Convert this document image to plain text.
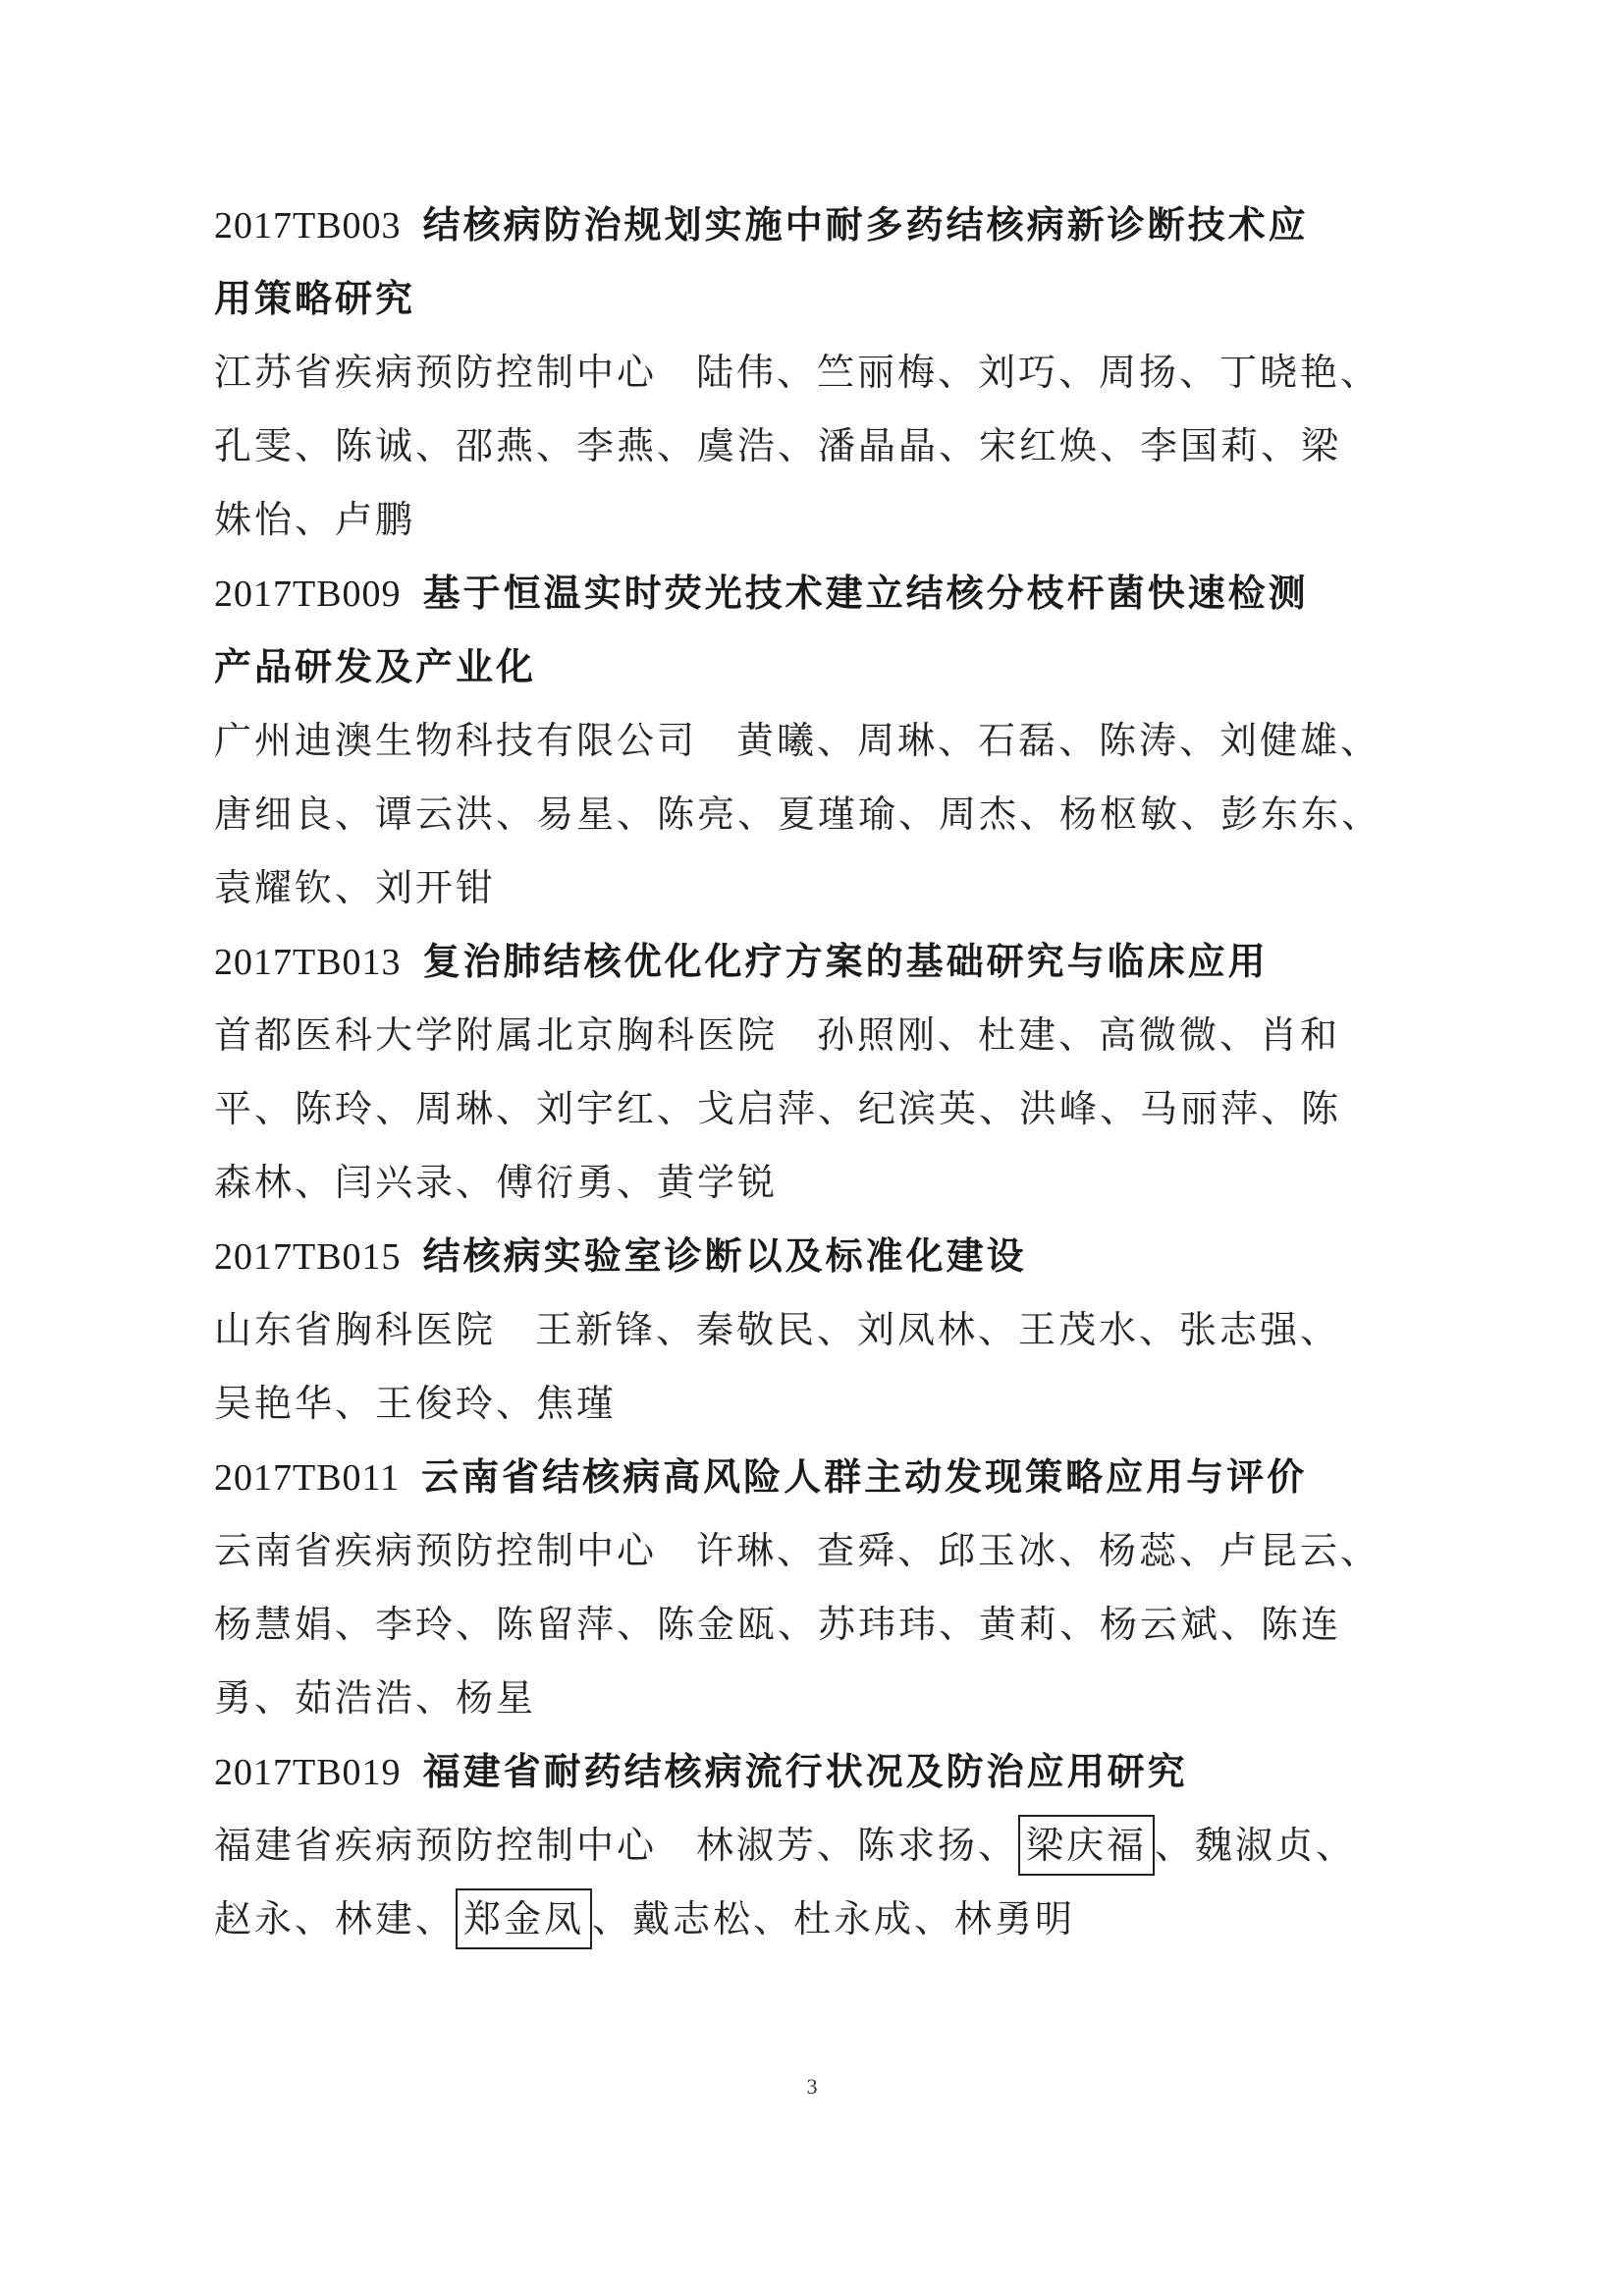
2017TB003 结核病防治规划实施中耐多药结核病新诊断技术应
用策略研究
江苏省疾病预防控制中心 陆伟、竺丽梅、刘巧、周扬、丁晓艳、
孔雯、陈诚、邵燕、李燕、虞浩、潘晶晶、宋红焕、李国莉、梁
姝怡、卢鹏
2017TB009 基于恒温实时荧光技术建立结核分枝杆菌快速检测
产品研发及产业化
广州迪澳生物科技有限公司 黄曦、周琳、石磊、陈涛、刘健雄、
唐细良、谭云洪、易星、陈亮、夏瑾瑜、周杰、杨枢敏、彭东东、
袁耀钦、刘开钳
2017TB013 复治肺结核优化化疗方案的基础研究与临床应用
首都医科大学附属北京胸科医院 孙照刚、杜建、高微微、肖和
平、陈玲、周琳、刘宇红、戈启萍、纪滨英、洪峰、马丽萍、陈
森林、闫兴录、傅衍勇、黄学锐
2017TB015 结核病实验室诊断以及标准化建设
山东省胸科医院 王新锋、秦敬民、刘凤林、王茂水、张志强、
吴艳华、王俊玲、焦瑾
2017TB011 云南省结核病高风险人群主动发现策略应用与评价
云南省疾病预防控制中心 许琳、查舜、邱玉冰、杨蕊、卢昆云、
杨慧娟、李玲、陈留萍、陈金瓯、苏玮玮、黄莉、杨云斌、陈连
勇、茹浩浩、杨星
2017TB019 福建省耐药结核病流行状况及防治应用研究
福建省疾病预防控制中心 林淑芳、陈求扬、 梁庆福 、魏淑贞、
赵永、林建、 郑金凤 、戴志松、杜永成、林勇明
3
